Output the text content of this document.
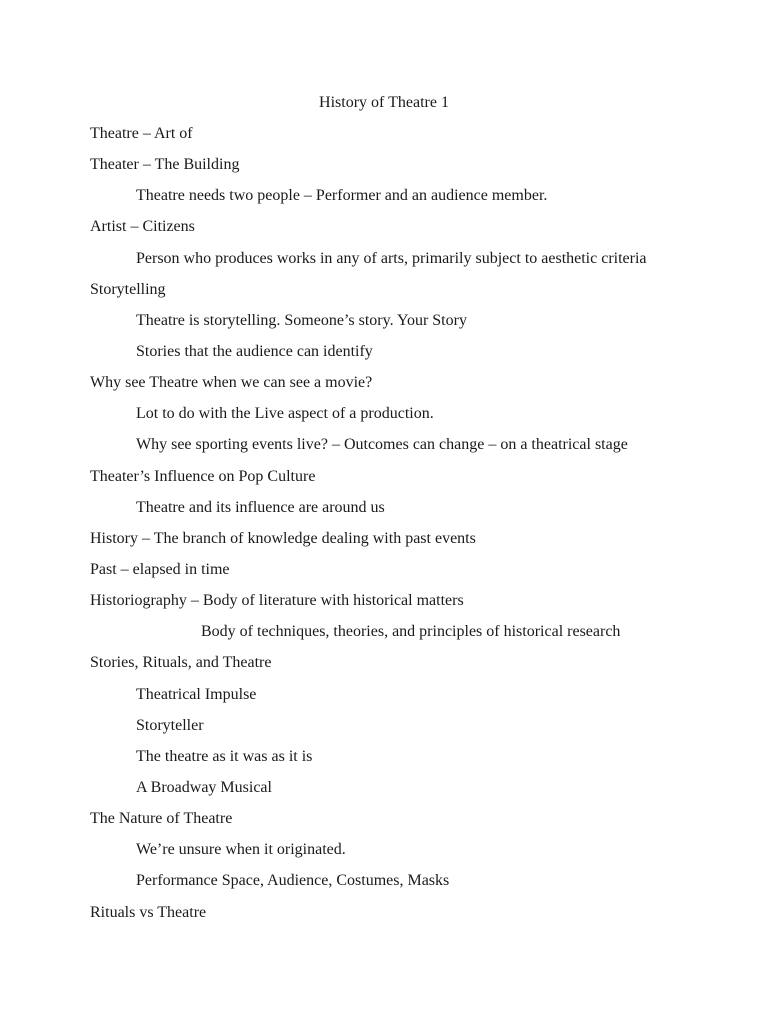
History of Theatre 1
Theatre – Art of
Theater – The Building
Theatre needs two people – Performer and an audience member.
Artist – Citizens
Person who produces works in any of arts, primarily subject to aesthetic criteria
Storytelling
Theatre is storytelling. Someone’s story. Your Story
Stories that the audience can identify
Why see Theatre when we can see a movie?
Lot to do with the Live aspect of a production.
Why see sporting events live? – Outcomes can change – on a theatrical stage
Theater’s Influence on Pop Culture
Theatre and its influence are around us
History – The branch of knowledge dealing with past events
Past – elapsed in time
Historiography – Body of literature with historical matters
Body of techniques, theories, and principles of historical research
Stories, Rituals, and Theatre
Theatrical Impulse
Storyteller
The theatre as it was as it is
A Broadway Musical
The Nature of Theatre
We’re unsure when it originated.
Performance Space, Audience, Costumes, Masks
Rituals vs Theatre
